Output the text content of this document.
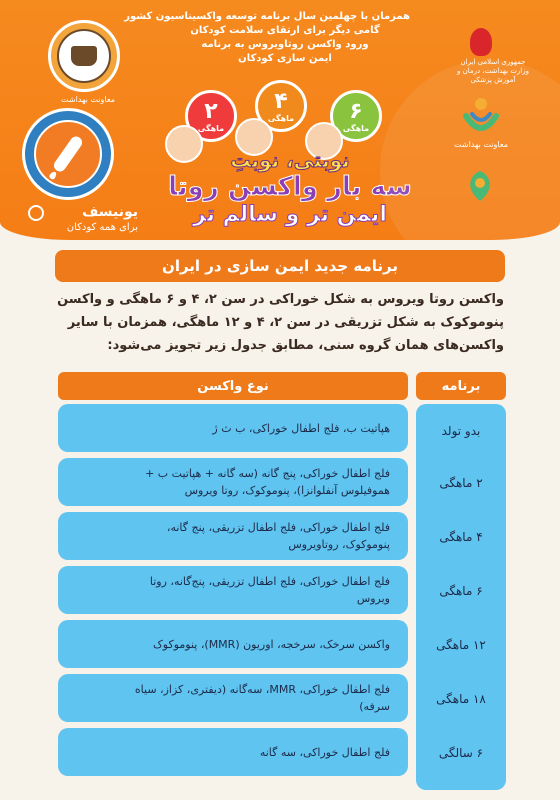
همزمان با چهلمین سال برنامه توسعه واکسیناسیون کشور
گامی دیگر برای ارتقای سلامت کودکان
ورود واکسن روتاویروس به برنامه
ایمن سازی کودکان
معاونت بهداشت
یونیسف
برای همه کودکان
جمهوری اسلامی ایران
وزارت بهداشت، درمان و آموزش پزشکی
معاونت بهداشت
۲
ماهگی
۴
ماهگی	۶
ماهگی
نوبتی، نوبتِ
سه بار واکسن روتا
ایمن تر و سالم تر
برنامه جدید ایمن سازی در ایران
واکسن روتا ویروس به شکل خوراکی در سن ۲، ۴ و ۶ ماهگی و واکسن
پنوموکوک به شکل تزریقی در سن ۲، ۴ و ۱۲ ماهگی، همزمان با سایر
واکسن‌های همان گروه سنی، مطابق جدول زیر تجویز می‌شود:
برنامه
نوع واکسن
بدو تولد
۲ ماهگی
۴ ماهگی
۶ ماهگی
۱۲ ماهگی
۱۸ ماهگی
۶ سالگی
هپاتیت ب، فلج اطفال خوراکی، ب ث ژ
فلج اطفال خوراکی، پنج گانه (سه گانه + هپاتیت ب +
هموفیلوس آنفلوانزا)، پنوموکوک، روتا ویروس
فلج اطفال خوراکی، فلج اطفال تزریقی، پنج گانه،
پنوموکوک، روتاویروس
فلج اطفال خوراکی، فلج اطفال تزریقی، پنج‌گانه، روتا
ویروس
واکسن سرخک، سرخجه، اوریون (MMR)، پنوموکوک
فلج اطفال خوراکی، MMR، سه‌گانه (دیفتری، کزاز، سیاه
سرفه)
فلج اطفال خوراکی، سه گانه
